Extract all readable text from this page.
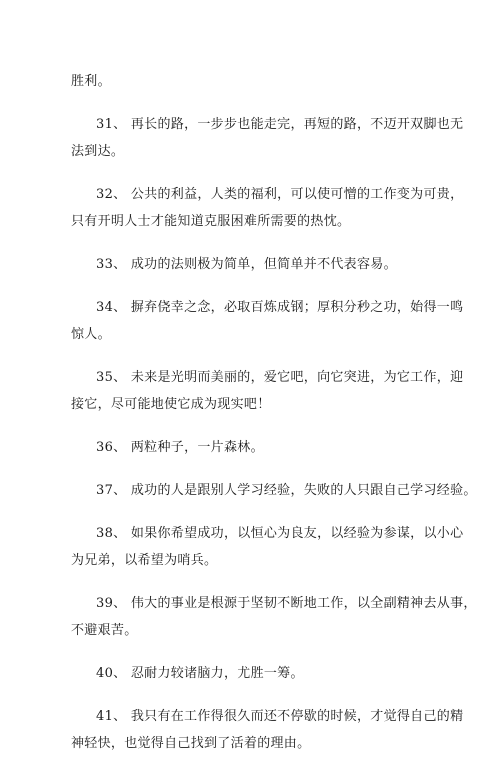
胜利。
31、 再长的路，一步步也能走完，再短的路，不迈开双脚也无
法到达。
32、 公共的利益，人类的福利，可以使可憎的工作变为可贵，
只有开明人士才能知道克服困难所需要的热忱。
33、 成功的法则极为简单，但简单并不代表容易。
34、 摒弃侥幸之念，必取百炼成钢；厚积分秒之功，始得一鸣
惊人。
35、 未来是光明而美丽的，爱它吧，向它突进，为它工作，迎
接它，尽可能地使它成为现实吧！
36、 两粒种子，一片森林。
37、 成功的人是跟别人学习经验，失败的人只跟自己学习经验。
38、 如果你希望成功，以恒心为良友，以经验为参谋，以小心
为兄弟，以希望为哨兵。
39、 伟大的事业是根源于坚韧不断地工作，以全副精神去从事，
不避艰苦。
40、 忍耐力较诸脑力，尤胜一筹。
41、 我只有在工作得很久而还不停歇的时候，才觉得自己的精
神轻快，也觉得自己找到了活着的理由。
